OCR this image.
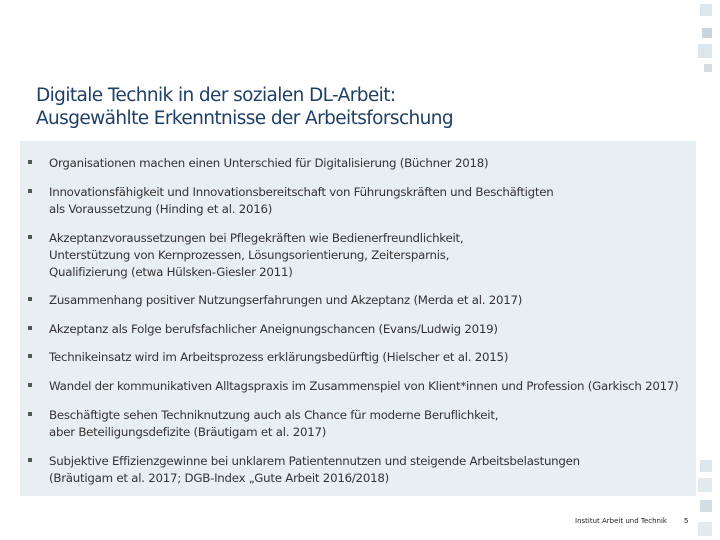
Digitale Technik in der sozialen DL-Arbeit:
Ausgewählte Erkenntnisse der Arbeitsforschung
Organisationen machen einen Unterschied für Digitalisierung (Büchner 2018)
Innovationsfähigkeit und Innovationsbereitschaft von Führungskräften und Beschäftigten
als Voraussetzung (Hinding et al. 2016)
Akzeptanzvoraussetzungen bei Pflegekräften wie Bedienerfreundlichkeit,
Unterstützung von Kernprozessen, Lösungsorientierung, Zeitersparnis,
Qualifizierung (etwa Hülsken-Giesler 2011)
Zusammenhang positiver Nutzungserfahrungen und Akzeptanz (Merda et al. 2017)
Akzeptanz als Folge berufsfachlicher Aneignungschancen (Evans/Ludwig 2019)
Technikeinsatz wird im Arbeitsprozess erklärungsbedürftig (Hielscher et al. 2015)
Wandel der kommunikativen Alltagspraxis im Zusammenspiel von Klient*innen und Profession (Garkisch 2017)
Beschäftigte sehen Techniknutzung auch als Chance für moderne Beruflichkeit,
aber Beteiligungsdefizite (Bräutigam et al. 2017)
Subjektive Effizienzgewinne bei unklarem Patientennutzen und steigende Arbeitsbelastungen
(Bräutigam et al. 2017; DGB-Index „Gute Arbeit 2016/2018)
Institut Arbeit und Technik 5
